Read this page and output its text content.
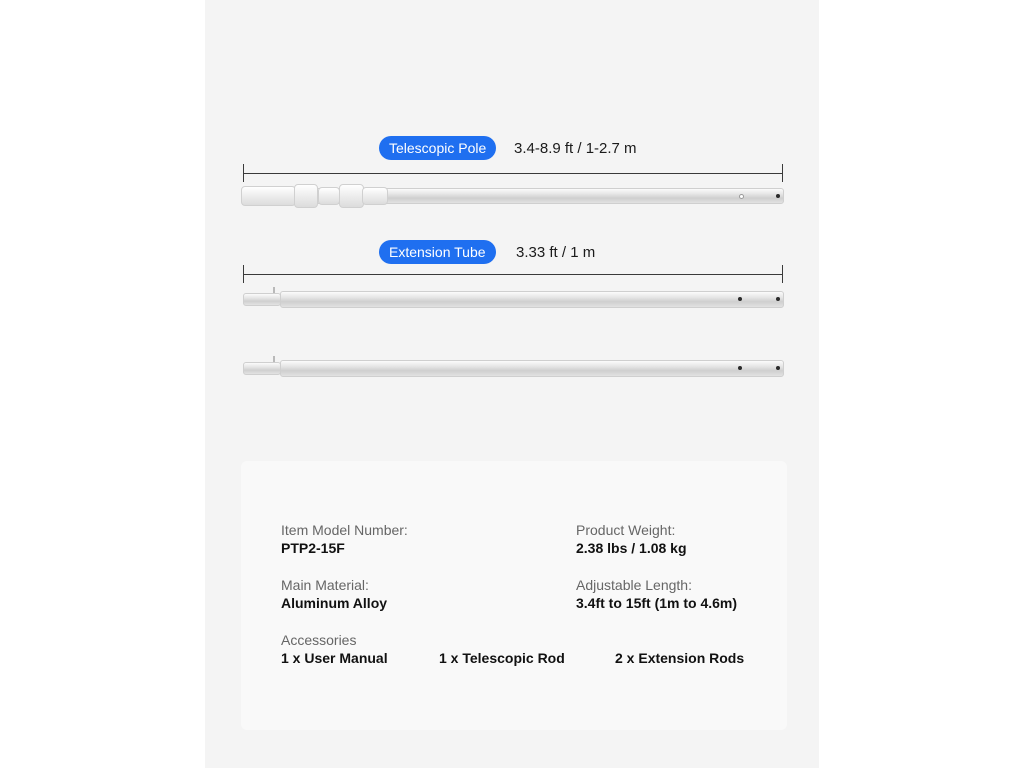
Telescopic Pole	3.4-8.9 ft / 1-2.7 m
Extension Tube	3.33 ft / 1 m
Item Model Number:
PTP2-15F
Product Weight:
2.38 lbs / 1.08 kg
Main Material:
Aluminum Alloy
Adjustable Length:
3.4ft to 15ft (1m to 4.6m)
Accessories
1 x User Manual	1 x Telescopic Rod	2 x Extension Rods
